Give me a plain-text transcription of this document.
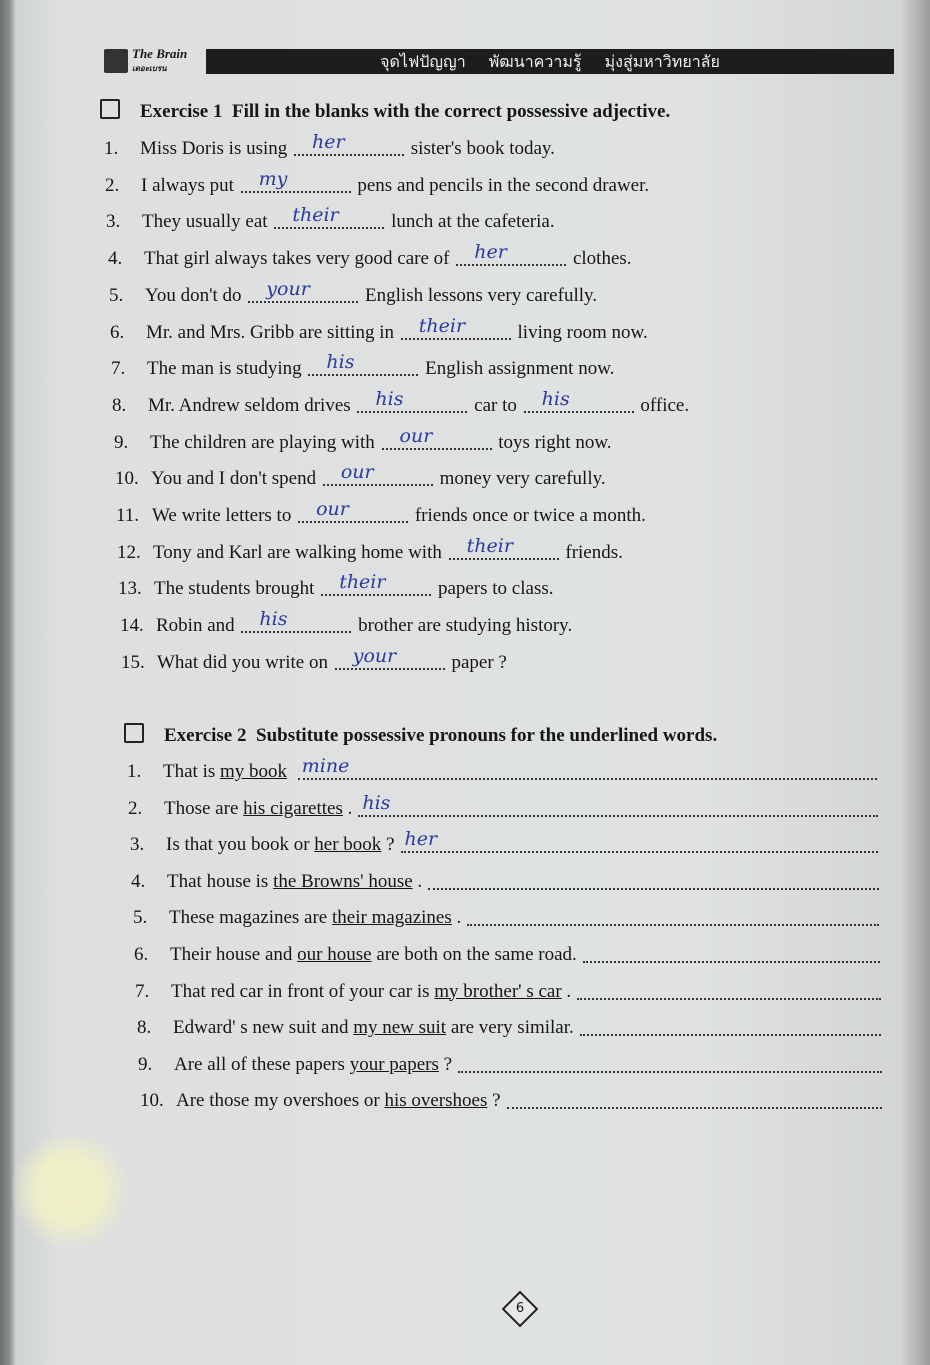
The Brain
เดอะเบรน	จุดไฟปัญญา พัฒนาความรู้ มุ่งสู่มหาวิทยาลัย
Exercise 1 Fill in the blanks with the correct possessive adjective.
1. Miss Doris is using her	sister's book today.
2. I always put my	pens and pencils in the second drawer.
3. They usually eat their	lunch at the cafeteria.
4. That girl always takes very good care of her	clothes.
5. You don't do your	English lessons very carefully.
6. Mr. and Mrs. Gribb are sitting in their	living room now.
7. The man is studying his	English assignment now.
8. Mr. Andrew seldom drives his	car to his	office.
9. The children are playing with our	toys right now.
10. You and I don't spend our	money very carefully.
11. We write letters to our	friends once or twice a month.
12. Tony and Karl are walking home with their	friends.
13. The students brought their	papers to class.
14. Robin and his	brother are studying history.
15. What did you write on your	paper ?
Exercise 2 Substitute possessive pronouns for the underlined words.
1.	That is
my book
mine
2.	Those are
his cigarettes
. his
3.	Is that you book or
her book
? her
4.	That house is
the Browns' house
.
5.	These magazines are
their magazines
.
6.	Their house and
our house
are both on the same road.
7.	That red car in front of your car is
my brother' s car
.
8.	Edward' s new suit and
my new suit
are very similar.
9.	Are all of these papers
your papers
?
10. Are those my overshoes or
his overshoes
?
6
